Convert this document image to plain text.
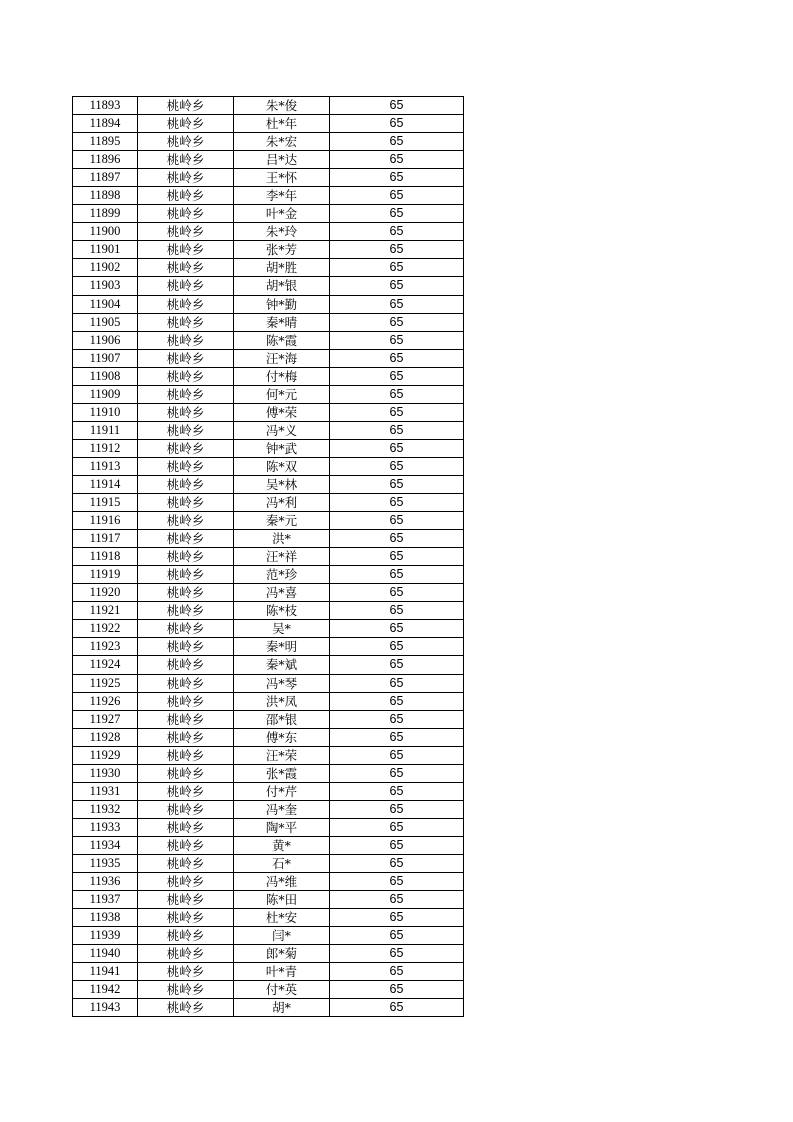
11893	桃岭乡	朱*俊	65
11894	桃岭乡	杜*年	65
11895	桃岭乡	朱*宏	65
11896	桃岭乡	吕*达	65
11897	桃岭乡	王*怀	65
11898	桃岭乡	李*年	65
11899	桃岭乡	叶*金	65
11900	桃岭乡	朱*玲	65
11901	桃岭乡	张*芳	65
11902	桃岭乡	胡*胜	65
11903	桃岭乡	胡*银	65
11904	桃岭乡	钟*勤	65
11905	桃岭乡	秦*晴	65
11906	桃岭乡	陈*霞	65
11907	桃岭乡	汪*海	65
11908	桃岭乡	付*梅	65
11909	桃岭乡	何*元	65
11910	桃岭乡	傅*荣	65
11911	桃岭乡	冯*义	65
11912	桃岭乡	钟*武	65
11913	桃岭乡	陈*双	65
11914	桃岭乡	吴*林	65
11915	桃岭乡	冯*利	65
11916	桃岭乡	秦*元	65
11917	桃岭乡	洪*	65
11918	桃岭乡	汪*祥	65
11919	桃岭乡	范*珍	65
11920	桃岭乡	冯*喜	65
11921	桃岭乡	陈*枝	65
11922	桃岭乡	吴*	65
11923	桃岭乡	秦*明	65
11924	桃岭乡	秦*斌	65
11925	桃岭乡	冯*琴	65
11926	桃岭乡	洪*凤	65
11927	桃岭乡	邵*银	65
11928	桃岭乡	傅*东	65
11929	桃岭乡	汪*荣	65
11930	桃岭乡	张*霞	65
11931	桃岭乡	付*芹	65
11932	桃岭乡	冯*奎	65
11933	桃岭乡	陶*平	65
11934	桃岭乡	黄*	65
11935	桃岭乡	石*	65
11936	桃岭乡	冯*维	65
11937	桃岭乡	陈*田	65
11938	桃岭乡	杜*安	65
11939	桃岭乡	闫*	65
11940	桃岭乡	郎*菊	65
11941	桃岭乡	叶*青	65
11942	桃岭乡	付*英	65
11943	桃岭乡	胡*	65
